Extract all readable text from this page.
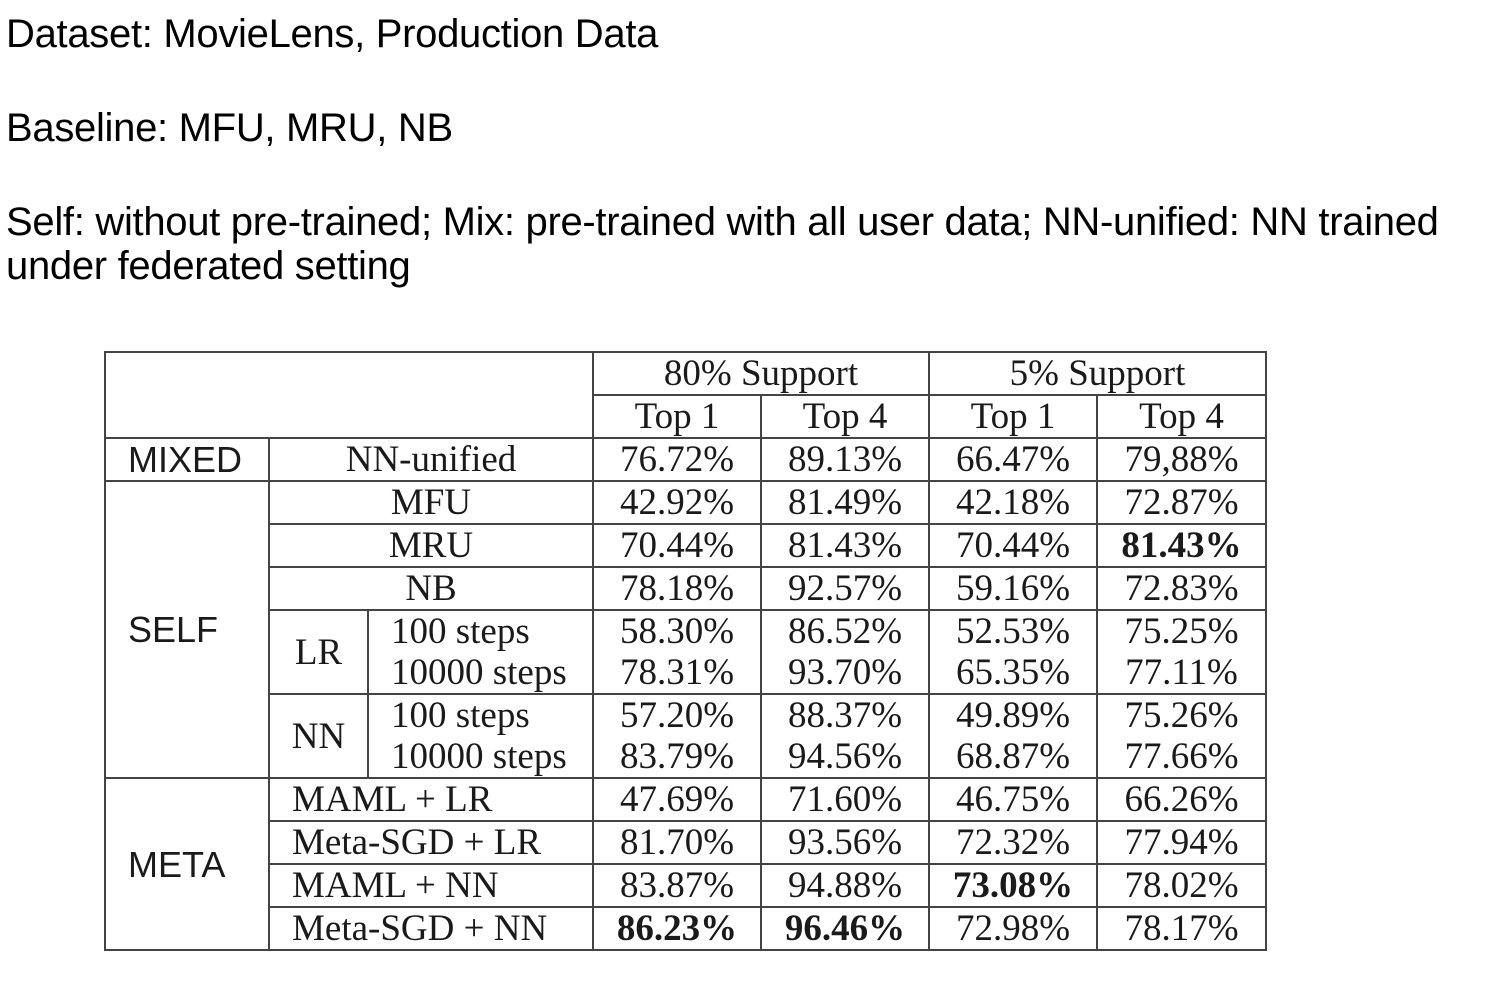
Dataset: MovieLens, Production Data
Baseline: MFU, MRU, NB
Self: without pre-trained; Mix: pre-trained with all user data; NN-unified: NN trained under federated setting
			80% Support		5% Support	
			Top 1	Top 4	Top 1	Top 4
MIXED	NN-unified		76.72%	89.13%	66.47%	79,88%
SELF	MFU		42.92%	81.49%	42.18%	72.87%
	MRU		70.44%	81.43%	70.44%	81.43%
	NB		78.18%	92.57%	59.16%	72.83%
	LR	100 steps	58.30%	86.52%	52.53%	75.25%
		10000 steps	78.31%	93.70%	65.35%	77.11%
	NN	100 steps	57.20%	88.37%	49.89%	75.26%
		10000 steps	83.79%	94.56%	68.87%	77.66%
META	MAML + LR		47.69%	71.60%	46.75%	66.26%
	Meta-SGD + LR		81.70%	93.56%	72.32%	77.94%
	MAML + NN		83.87%	94.88%	73.08%	78.02%
	Meta-SGD + NN		86.23%	96.46%	72.98%	78.17%
